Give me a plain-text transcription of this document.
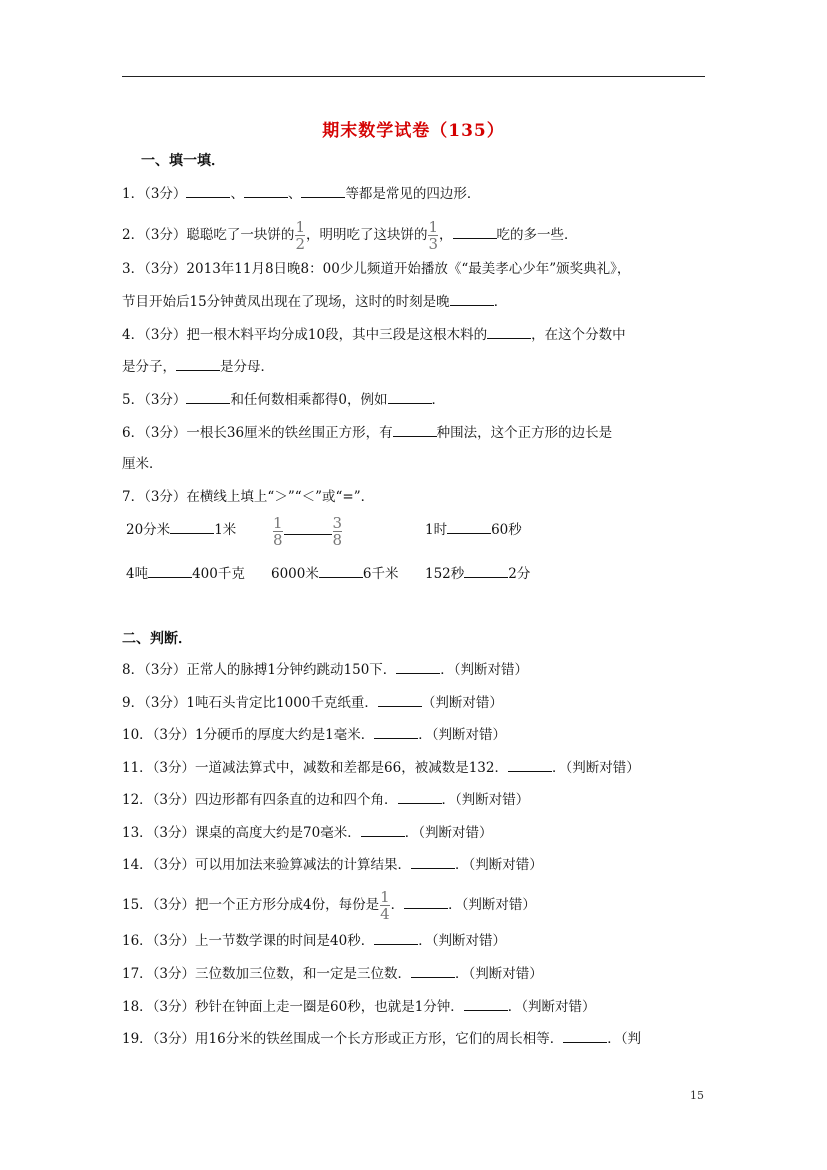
期末数学试卷（135）
一、填一填．
1．（3分）	、	、	等都是常见的四边形．
2．（3分）聪聪吃了一块饼的 $\frac{1}{2}$ ，明明吃了这块饼的 $\frac{1}{3}$ ，	吃的多一些．
3．（3分）2013年11月8日晚8：00少儿频道开始播放《“最美孝心少年”颁奖典礼》，
节目开始后15分钟黄凤出现在了现场，这时的时刻是晚	．
4．（3分）把一根木料平均分成10段，其中三段是这根木料的	，在这个分数中
是分子，	是分母．
5．（3分）	和任何数相乘都得0，例如	．
6．（3分）一根长36厘米的铁丝围正方形，有	种围法，这个正方形的边长是
厘米．
7．（3分）在横线上填上“＞”“＜”或“=”．
20分米	1米 $\frac{1}{8}$	$\frac{3}{8}$	1时	60秒
4吨	400千克 6000米	6千米 152秒	2分
二、判断．
8．（3分）正常人的脉搏1分钟约跳动150下．	．（判断对错）
9．（3分）1吨石头肯定比1000千克纸重．	（判断对错）
10．（3分）1分硬币的厚度大约是1毫米．	．（判断对错）
11．（3分）一道减法算式中，减数和差都是66，被减数是132．	．（判断对错）
12．（3分）四边形都有四条直的边和四个角．	．（判断对错）
13．（3分）课桌的高度大约是70毫米．	．（判断对错）
14．（3分）可以用加法来验算减法的计算结果．	．（判断对错）
15．（3分）把一个正方形分成4份，每份是 $\frac{1}{4}$ ．	．（判断对错）
16．（3分）上一节数学课的时间是40秒．	．（判断对错）
17．（3分）三位数加三位数，和一定是三位数．	．（判断对错）
18．（3分）秒针在钟面上走一圈是60秒，也就是1分钟．	．（判断对错）
19．（3分）用16分米的铁丝围成一个长方形或正方形，它们的周长相等．	．（判
15
